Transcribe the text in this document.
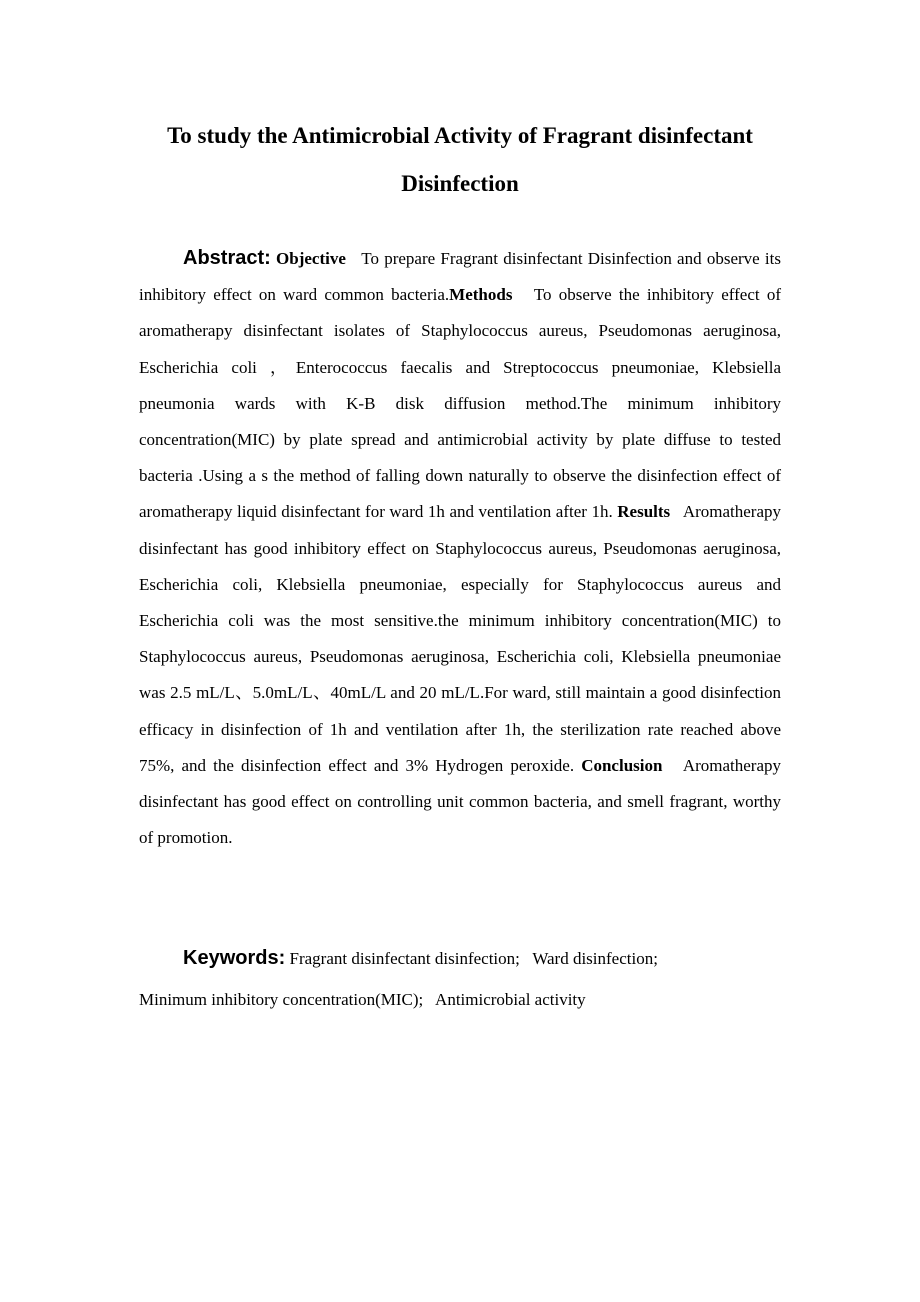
To study the Antimicrobial Activity of Fragrant disinfectant
Disinfection

Abstract: Objective To prepare Fragrant disinfectant Disinfection and observe its inhibitory effect on ward common bacteria.Methods To observe the inhibitory effect of aromatherapy disinfectant isolates of Staphylococcus aureus, Pseudomonas aeruginosa, Escherichia coli ，Enterococcus faecalis and Streptococcus pneumoniae, Klebsiella pneumonia wards with K-B disk diffusion method.The minimum inhibitory concentration(MIC) by plate spread and antimicrobial activity by plate diffuse to tested bacteria .Using a s the method of falling down naturally to observe the disinfection effect of aromatherapy liquid disinfectant for ward 1h and ventilation after 1h. Results Aromatherapy disinfectant has good inhibitory effect on Staphylococcus aureus, Pseudomonas aeruginosa, Escherichia coli, Klebsiella pneumoniae, especially for Staphylococcus aureus and Escherichia coli was the most sensitive.the minimum inhibitory concentration(MIC) to Staphylococcus aureus, Pseudomonas aeruginosa, Escherichia coli, Klebsiella pneumoniae was 2.5 mL/L、5.0mL/L、40mL/L and 20 mL/L.For ward, still maintain a good disinfection efficacy in disinfection of 1h and ventilation after 1h, the sterilization rate reached above 75%, and the disinfection effect and 3% Hydrogen peroxide. Conclusion Aromatherapy disinfectant has good effect on controlling unit common bacteria, and smell fragrant, worthy of promotion.

Keywords: Fragrant disinfectant disinfection;   Ward disinfection;
Minimum inhibitory concentration(MIC);   Antimicrobial activity
